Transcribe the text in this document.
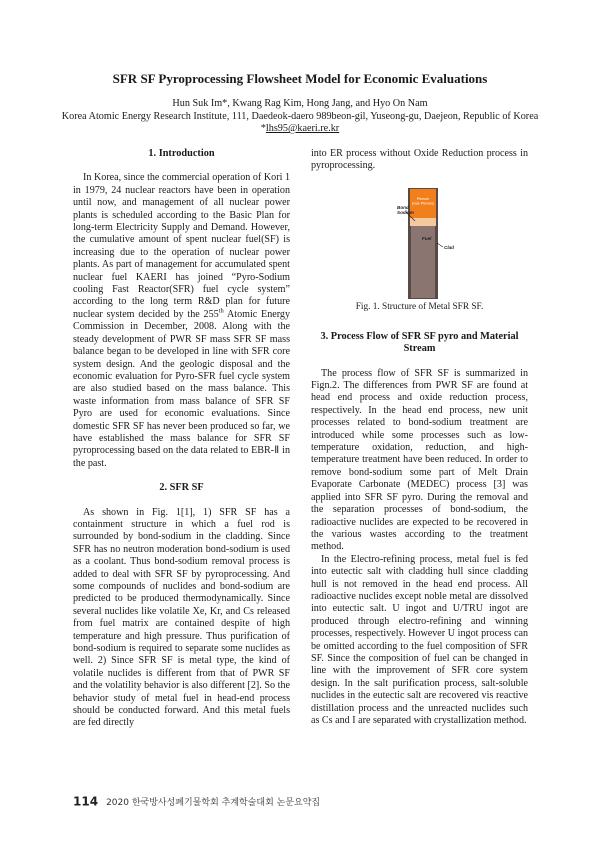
SFR SF Pyroprocessing Flowsheet Model for Economic Evaluations
Hun Suk Im*, Kwang Rag Kim, Hong Jang, and Hyo On Nam
Korea Atomic Energy Research Institute, 111, Daedeok-daero 989beon-gil, Yuseong-gu, Daejeon, Republic of Korea
*lhs95@kaeri.re.kr

1. Introduction

In Korea, since the commercial operation of Kori 1 in 1979, 24 nuclear reactors have been in operation until now, and management of all nuclear power plants is scheduled according to the Basic Plan for long-term Electricity Supply and Demand. However, the cumulative amount of spent nuclear fuel(SF) is increasing due to the operation of nuclear power plants. As part of management for accumulated spent nuclear fuel KAERI has joined “Pyro-Sodium cooling Fast Reactor(SFR) fuel cycle system” according to the long term R&D plan for future nuclear system decided by the 255th Atomic Energy Commission in December, 2008. Along with the steady development of PWR SF mass SFR SF mass balance began to be developed in line with SFR core system design. And the geologic disposal and the economic evaluation for Pyro-SFR fuel cycle system are also studied based on the mass balance. This waste information from mass balance of SFR SF Pyro are used for economic evaluations. Since domestic SFR SF has never been produced so far, we have established the mass balance for SFR SF pyroprocessing based on the data related to EBR-Ⅱ in the past.

2. SFR SF

As shown in Fig. 1[1], 1) SFR SF has a containment structure in which a fuel rod is surrounded by bond-sodium in the cladding. Since SFR has no neutron moderation bond-sodium is used as a coolant. Thus bond-sodium removal process is added to deal with SFR SF by pyroprocessing. And some compounds of nuclides and bond-sodium are predicted to be produced thermodynamically. Since several nuclides like volatile Xe, Kr, and Cs released from fuel matrix are contained despite of high temperature and high pressure. Thus purification of bond-sodium is required to separate some nuclides as well. 2) Since SFR SF is metal type, the kind of volatile nuclides is different from that of PWR SF and the volatility behavior is also different [2]. So the behavior study of metal fuel in head-end process should be conducted forward. And this metal fuels are fed directly

into ER process without Oxide Reduction process in pyroprocessing.

Plenum (Gas Plenum)
Bond Sodium
Fuel
Clad
Fig. 1. Structure of Metal SFR SF.

3. Process Flow of SFR SF pyro and Material Stream

The process flow of SFR SF is summarized in Fign.2. The differences from PWR SF are found at head end process and oxide reduction process, respectively. In the head end process, new unit processes related to bond-sodium treatment are introduced while some processes such as low-temperature oxidation, reduction, and high-temperature treatment have been reduced. In order to remove bond-sodium some part of Melt Drain Evaporate Carbonate (MEDEC) process [3] was applied into SFR SF pyro. During the removal and the separation processes of bond-sodium, the radioactive nuclides are expected to be recovered in the various wastes according to the treatment method.

In the Electro-refining process, metal fuel is fed into eutectic salt with cladding hull since cladding hull is not removed in the head end process. All radioactive nuclides except noble metal are dissolved into eutectic salt. U ingot and U/TRU ingot are produced through electro-refining and winning processes, respectively. However U ingot process can be omitted according to the fuel composition of SFR SF. Since the composition of fuel can be changed in line with the improvement of SFR core system design. In the salt purification process, salt-soluble nuclides in the eutectic salt are recovered vis reactive distillation process and the unreacted nuclides such as Cs and I are separated with crystallization method.

114 2020 한국방사성폐기물학회 추계학술대회 논문요약집
